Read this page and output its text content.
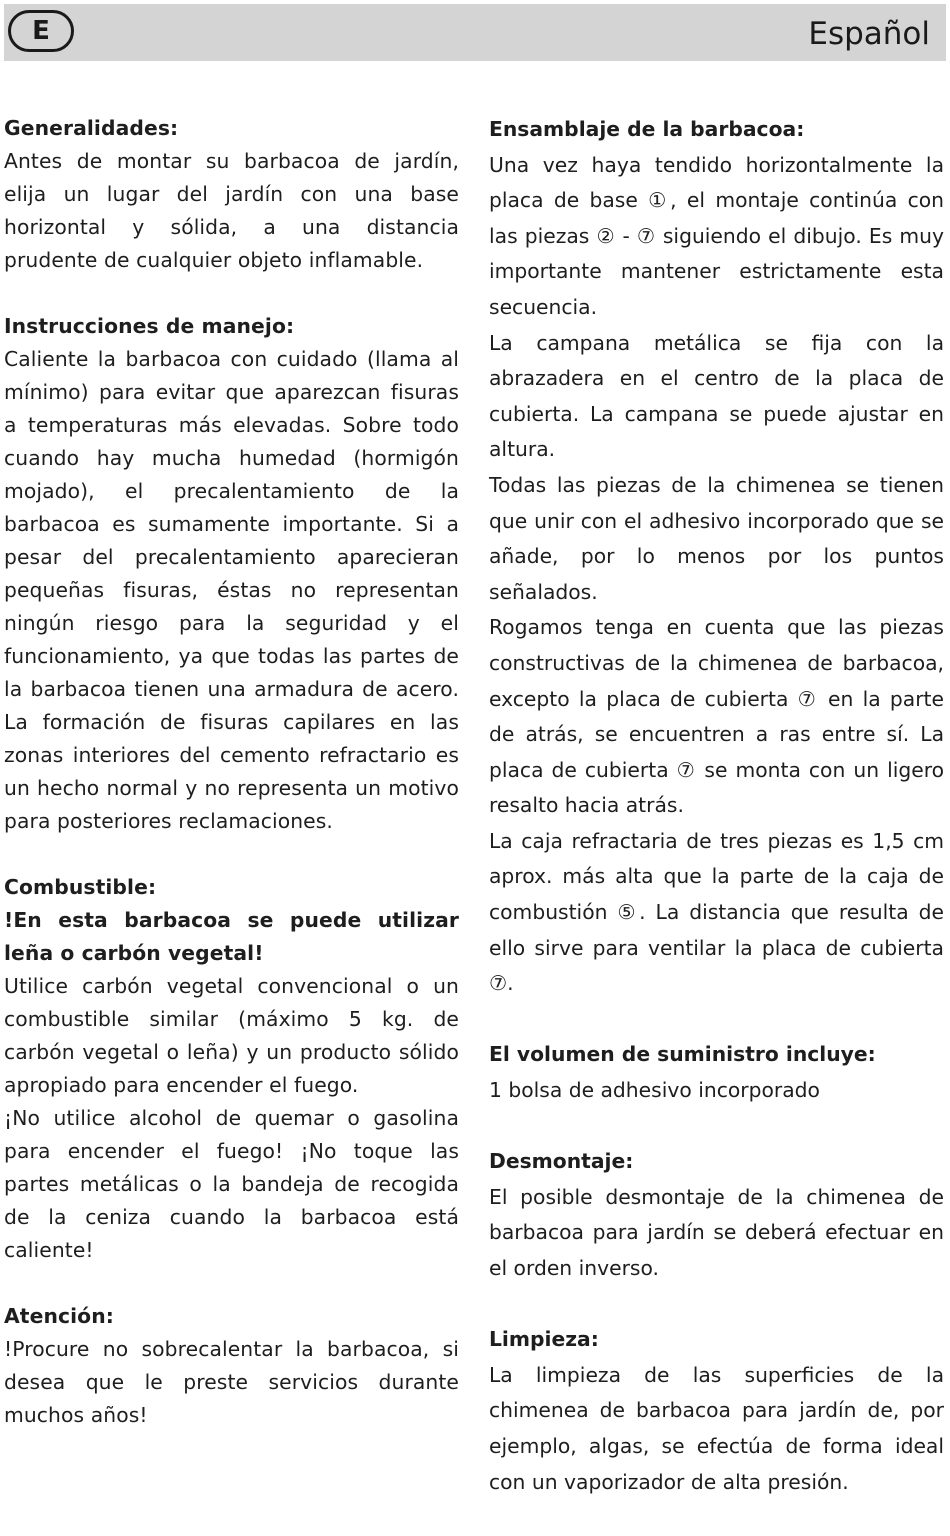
E	Español
Generalidades:

Antes de montar su barbacoa de jardín, elija un lugar del jardín con una base horizontal y sólida, a una distancia prudente de cualquier objeto inflamable.

Instrucciones de manejo:

Caliente la barbacoa con cuidado (llama al mínimo) para evitar que aparezcan fisuras a temperaturas más elevadas. Sobre todo cuando hay mucha humedad (hormigón mojado), el precalentamiento de la barbacoa es sumamente importante. Si a pesar del precalentamiento aparecieran pequeñas fisuras, éstas no representan ningún riesgo para la seguridad y el funcionamiento, ya que todas las partes de la barbacoa tienen una armadura de acero. La formación de fisuras capilares en las zonas interiores del cemento refractario es un hecho normal y no representa un motivo para posteriores reclamaciones.

Combustible:

!En esta barbacoa se puede utilizar leña o carbón vegetal!

Utilice carbón vegetal convencional o un combustible similar (máximo 5 kg. de carbón vegetal o leña) y un producto sólido apropiado para encender el fuego.

¡No utilice alcohol de quemar o gasolina para encender el fuego! ¡No toque las partes metálicas o la bandeja de recogida de la ceniza cuando la barbacoa está caliente!

Atención:

!Procure no sobrecalentar la barbacoa, si desea que le preste servicios durante muchos años!

Ensamblaje de la barbacoa:

Una vez haya tendido horizontalmente la placa de base ①, el montaje continúa con las piezas ② - ⑦ siguiendo el dibujo. Es muy importante mantener estrictamente esta secuencia.

La campana metálica se fija con la abrazadera en el centro de la placa de cubierta. La campana se puede ajustar en altura.

Todas las piezas de la chimenea se tienen que unir con el adhesivo incorporado que se añade, por lo menos por los puntos señalados.

Rogamos tenga en cuenta que las piezas constructivas de la chimenea de barbacoa, excepto la placa de cubierta ⑦ en la parte de atrás, se encuentren a ras entre sí. La placa de cubierta ⑦ se monta con un ligero resalto hacia atrás.

La caja refractaria de tres piezas es 1,5 cm aprox. más alta que la parte de la caja de combustión ⑤. La distancia que resulta de ello sirve para ventilar la placa de cubierta ⑦.

El volumen de suministro incluye:

1 bolsa de adhesivo incorporado

Desmontaje:

El posible desmontaje de la chimenea de barbacoa para jardín se deberá efectuar en el orden inverso.

Limpieza:

La limpieza de las superficies de la chimenea de barbacoa para jardín de, por ejemplo, algas, se efectúa de forma ideal con un vaporizador de alta presión.
